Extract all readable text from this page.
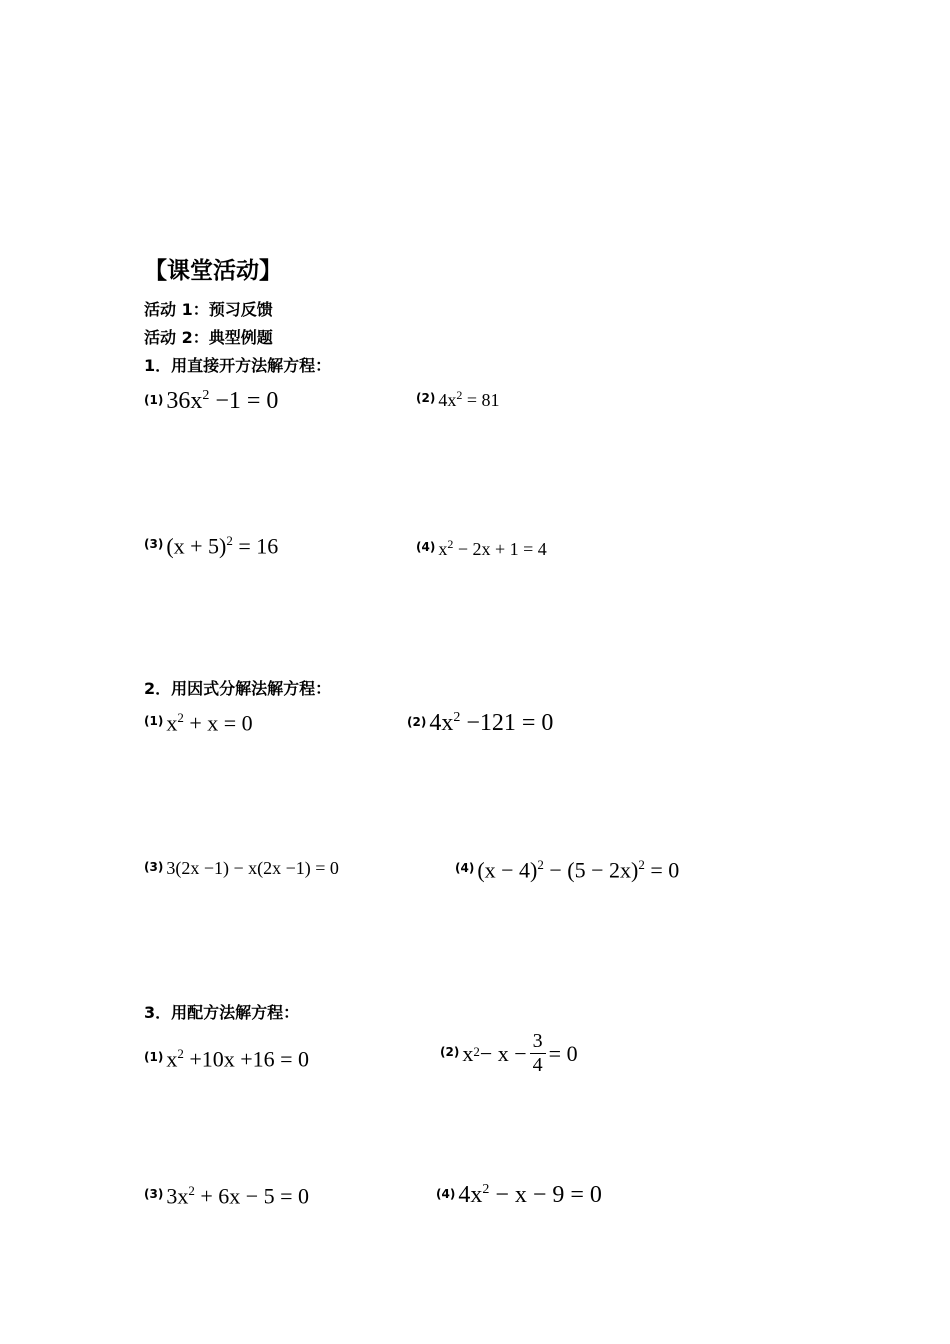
【课堂活动】
活动 1：预习反馈
活动 2：典型例题
1．用直接开方法解方程：
(1) $36x^2 -1 = 0$	(2) $4x^2 = 81$
(3) $(x + 5)^2 = 16$	(4) $x^2 - 2x + 1 = 4$
2．用因式分解法解方程：
(1) $x^2 + x = 0$	(2) $4x^2 -121 = 0$
(3) 3(2x −1) − x(2x −1) = 0	(4) $(x - 4)^2 - (5 - 2x)^2 = 0$
3．用配方法解方程：
(1) $x^2 +10x +16 = 0$	(2) x $2 - x - \frac{3}{4} = 0$
(3) $3x^2 + 6x - 5 = 0$	(4) $4x^2 - x - 9 = 0$
